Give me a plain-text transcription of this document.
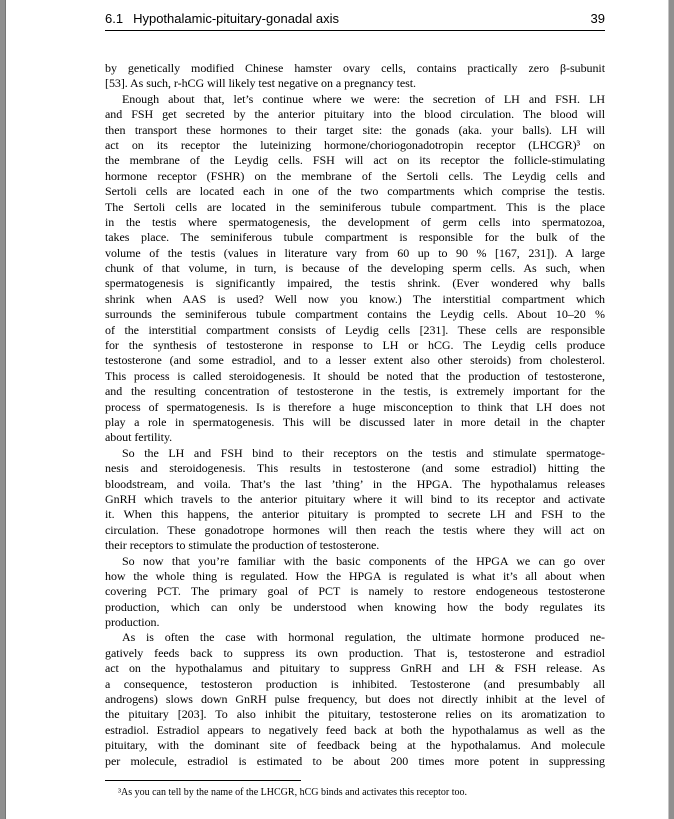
6.1 Hypothalamic-pituitary-gonadal axis	39
by genetically modified Chinese hamster ovary cells, contains practically zero β-subunit
[53]. As such, r-hCG will likely test negative on a pregnancy test.
Enough about that, let’s continue where we were: the secretion of LH and FSH. LH
and FSH get secreted by the anterior pituitary into the blood circulation. The blood will
then transport these hormones to their target site: the gonads (aka. your balls). LH will
act on its receptor the luteinizing hormone/choriogonadotropin receptor (LHCGR)³ on
the membrane of the Leydig cells. FSH will act on its receptor the follicle-stimulating
hormone receptor (FSHR) on the membrane of the Sertoli cells. The Leydig cells and
Sertoli cells are located each in one of the two compartments which comprise the testis.
The Sertoli cells are located in the seminiferous tubule compartment. This is the place
in the testis where spermatogenesis, the development of germ cells into spermatozoa,
takes place. The seminiferous tubule compartment is responsible for the bulk of the
volume of the testis (values in literature vary from 60 up to 90 % [167, 231]). A large
chunk of that volume, in turn, is because of the developing sperm cells. As such, when
spermatogenesis is significantly impaired, the testis shrink. (Ever wondered why balls
shrink when AAS is used? Well now you know.) The interstitial compartment which
surrounds the seminiferous tubule compartment contains the Leydig cells. About 10–20 %
of the interstitial compartment consists of Leydig cells [231]. These cells are responsible
for the synthesis of testosterone in response to LH or hCG. The Leydig cells produce
testosterone (and some estradiol, and to a lesser extent also other steroids) from cholesterol.
This process is called steroidogenesis. It should be noted that the production of testosterone,
and the resulting concentration of testosterone in the testis, is extremely important for the
process of spermatogenesis. Is is therefore a huge misconception to think that LH does not
play a role in spermatogenesis. This will be discussed later in more detail in the chapter
about fertility.
So the LH and FSH bind to their receptors on the testis and stimulate spermatoge-
nesis and steroidogenesis. This results in testosterone (and some estradiol) hitting the
bloodstream, and voila. That’s the last ’thing’ in the HPGA. The hypothalamus releases
GnRH which travels to the anterior pituitary where it will bind to its receptor and activate
it. When this happens, the anterior pituitary is prompted to secrete LH and FSH to the
circulation. These gonadotrope hormones will then reach the testis where they will act on
their receptors to stimulate the production of testosterone.
So now that you’re familiar with the basic components of the HPGA we can go over
how the whole thing is regulated. How the HPGA is regulated is what it’s all about when
covering PCT. The primary goal of PCT is namely to restore endogeneous testosterone
production, which can only be understood when knowing how the body regulates its
production.
As is often the case with hormonal regulation, the ultimate hormone produced ne-
gatively feeds back to suppress its own production. That is, testosterone and estradiol
act on the hypothalamus and pituitary to suppress GnRH and LH & FSH release. As
a consequence, testosteron production is inhibited. Testosterone (and presumbably all
androgens) slows down GnRH pulse frequency, but does not directly inhibit at the level of
the pituitary [203]. To also inhibit the pituitary, testosterone relies on its aromatization to
estradiol. Estradiol appears to negatively feed back at both the hypothalamus as well as the
pituitary, with the dominant site of feedback being at the hypothalamus. And molecule
per molecule, estradiol is estimated to be about 200 times more potent in suppressing
³As you can tell by the name of the LHCGR, hCG binds and activates this receptor too.
